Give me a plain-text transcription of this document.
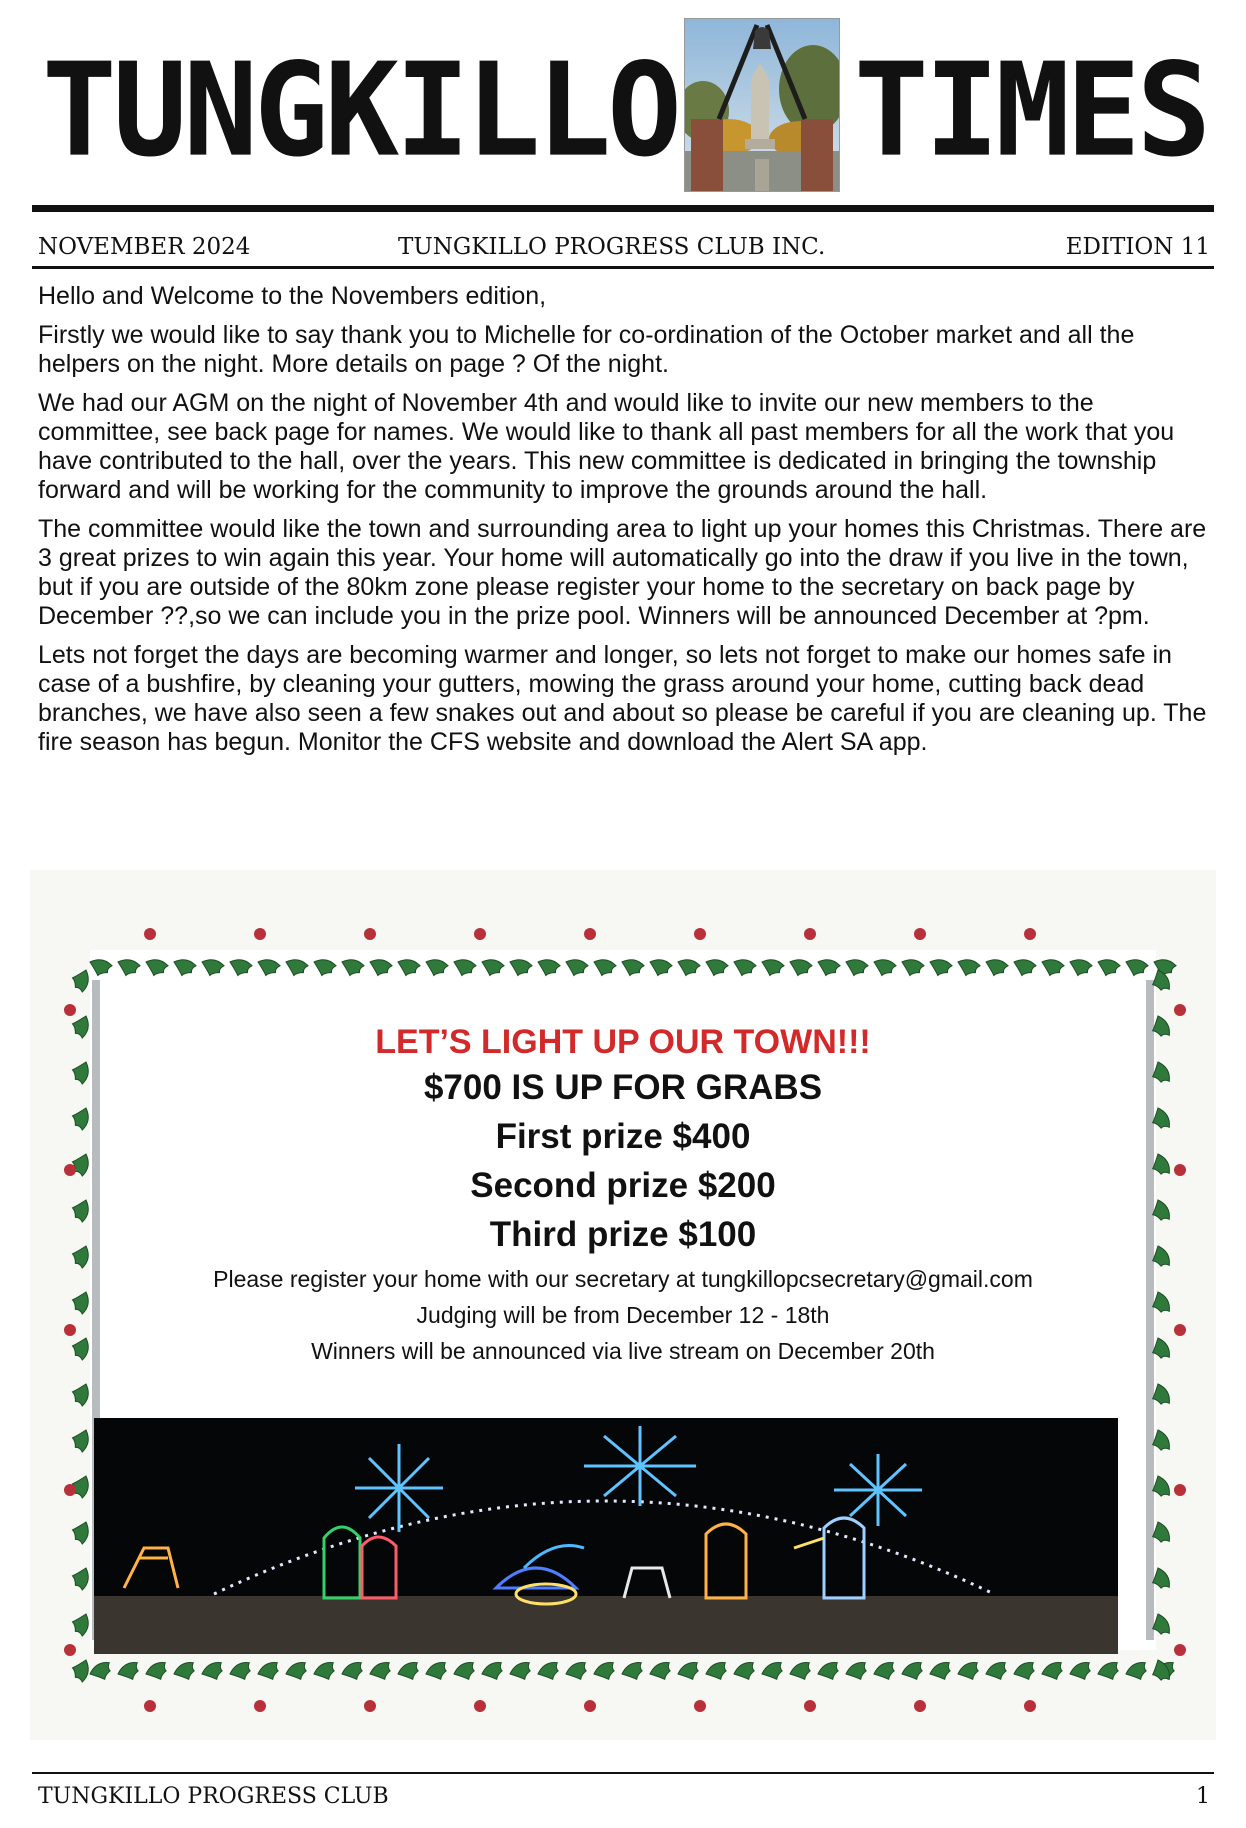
TUNGKILLO TIMES
NOVEMBER 2024	TUNGKILLO PROGRESS CLUB INC.	EDITION 11

Hello and Welcome to the Novembers edition,

Firstly we would like to say thank you to Michelle for co-ordination of the October market and all the helpers on the night. More details on page ? Of the night.

We had our AGM on the night of November 4th and would like to invite our new members to the committee, see back page for names. We would like to thank all past members for all the work that you have contributed to the hall, over the years. This new committee is dedicated in bringing the township forward and will be working for the community to improve the grounds around the hall.

The committee would like the town and surrounding area to light up your homes this Christmas. There are 3 great prizes to win again this year. Your home will automatically go into the draw if you live in the town, but if you are outside of the 80km zone please register your home to the secretary on back page by December ??,so we can include you in the prize pool. Winners will be announced December at ?pm.

Lets not forget the days are becoming warmer and longer, so lets not forget to make our homes safe in case of a bushfire, by cleaning your gutters, mowing the grass around your home, cutting back dead branches, we have also seen a few snakes out and about so please be careful if you are cleaning up. The fire season has begun. Monitor the CFS website and download the Alert SA app.

LET’S LIGHT UP OUR TOWN!!!
$700 IS UP FOR GRABS
First prize $400
Second prize $200
Third prize $100
Please register your home with our secretary at tungkillopcsecretary@gmail.com
Judging will be from December 12 - 18th
Winners will be announced via live stream on December 20th
TUNGKILLO PROGRESS CLUB	1
